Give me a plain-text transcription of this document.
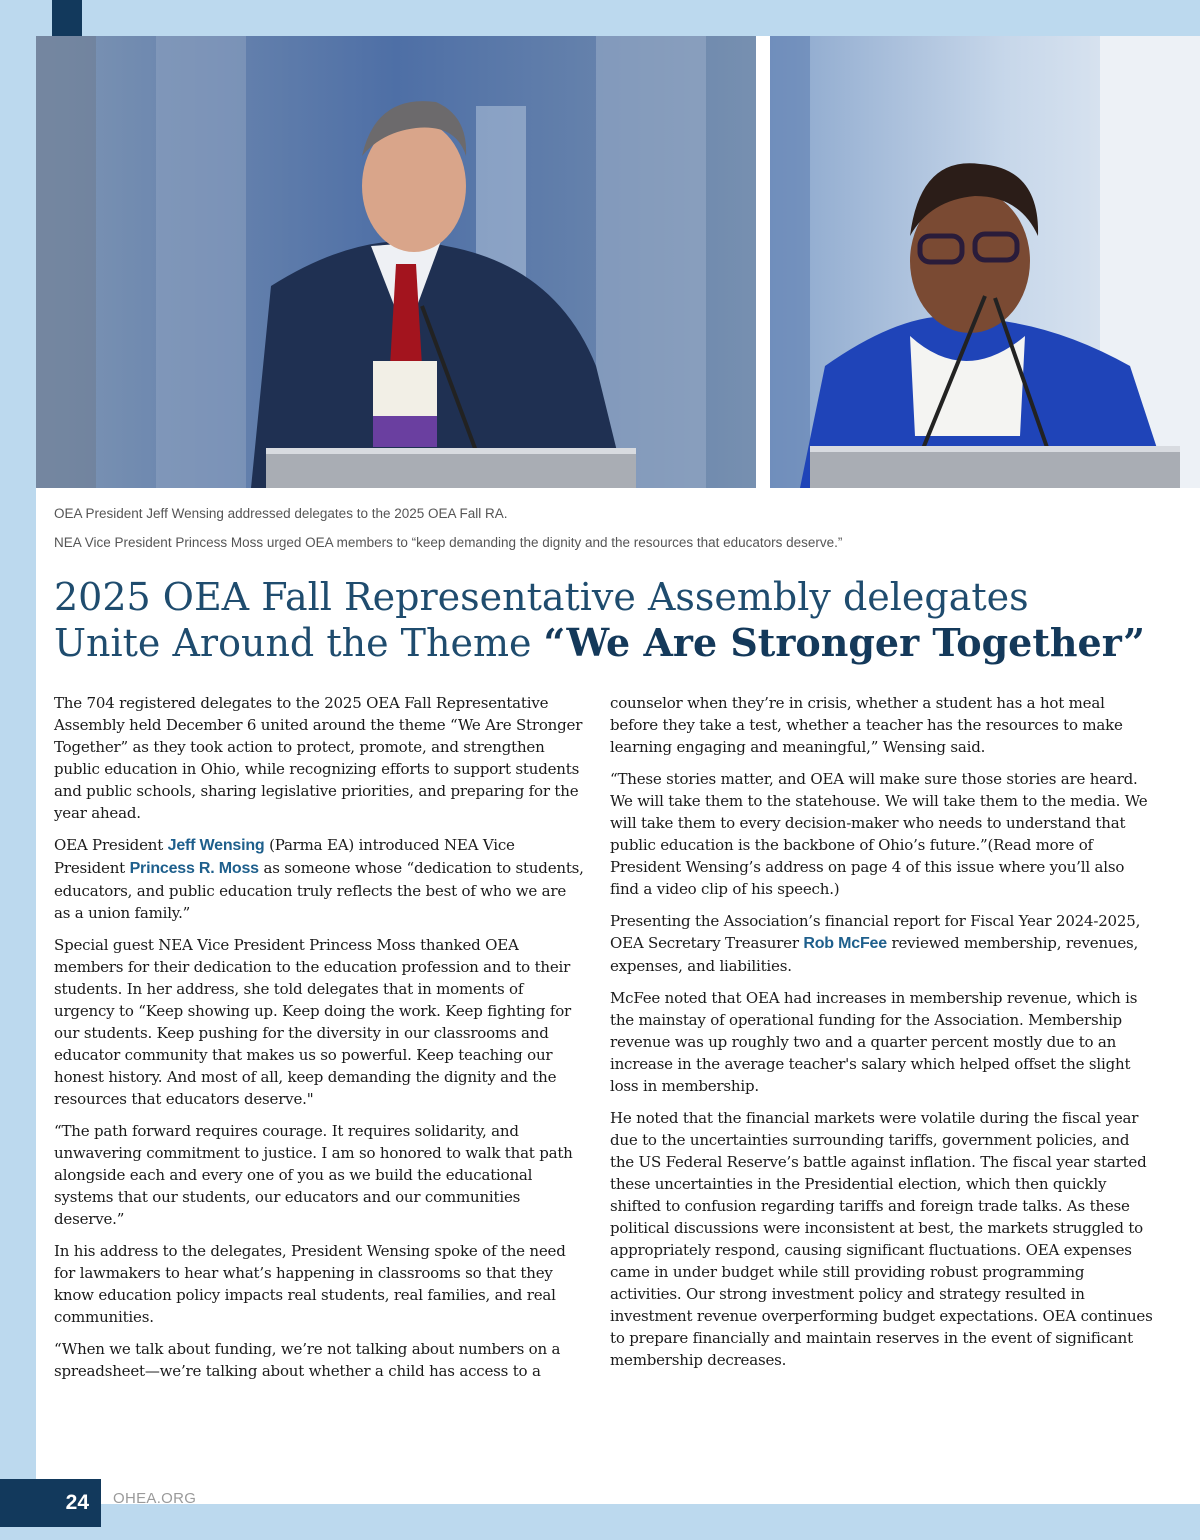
OEA President Jeff Wensing addressed delegates to the 2025 OEA Fall RA.
NEA Vice President Princess Moss urged OEA members to “keep demanding the dignity and the resources that educators deserve.”
2025 OEA Fall Representative Assembly delegates
Unite Around the Theme “We Are Stronger Together”

The 704 registered delegates to the 2025 OEA Fall Representative Assembly held December 6 united around the theme “We Are Stronger Together” as they took action to protect, promote, and strengthen public education in Ohio, while recognizing efforts to support students and public schools, sharing legislative priorities, and preparing for the year ahead.

OEA President Jeff Wensing (Parma EA) introduced NEA Vice President Princess R. Moss as someone whose “dedication to students, educators, and public education truly reflects the best of who we are as a union family.”

Special guest NEA Vice President Princess Moss thanked OEA members for their dedication to the education profession and to their students. In her address, she told delegates that in moments of urgency to “Keep showing up. Keep doing the work. Keep fighting for our students. Keep pushing for the diversity in our classrooms and educator community that makes us so powerful. Keep teaching our honest history. And most of all, keep demanding the dignity and the resources that educators deserve."

“The path forward requires courage. It requires solidarity, and unwavering commitment to justice. I am so honored to walk that path alongside each and every one of you as we build the educational systems that our students, our educators and our communities deserve.”

In his address to the delegates, President Wensing spoke of the need for lawmakers to hear what’s happening in classrooms so that they know education policy impacts real students, real families, and real communities.

“When we talk about funding, we’re not talking about numbers on a spreadsheet—we’re talking about whether a child has access to a

counselor when they’re in crisis, whether a student has a hot meal before they take a test, whether a teacher has the resources to make learning engaging and meaningful,” Wensing said.

“These stories matter, and OEA will make sure those stories are heard. We will take them to the statehouse. We will take them to the media. We will take them to every decision-maker who needs to understand that public education is the backbone of Ohio’s future.”(Read more of President Wensing’s address on page 4 of this issue where you’ll also find a video clip of his speech.)

Presenting the Association’s financial report for Fiscal Year 2024-2025, OEA Secretary Treasurer Rob McFee reviewed membership, revenues, expenses, and liabilities.

McFee noted that OEA had increases in membership revenue, which is the mainstay of operational funding for the Association. Membership revenue was up roughly two and a quarter percent mostly due to an increase in the average teacher's salary which helped offset the slight loss in membership.

He noted that the financial markets were volatile during the fiscal year due to the uncertainties surrounding tariffs, government policies, and the US Federal Reserve’s battle against inflation. The fiscal year started these uncertainties in the Presidential election, which then quickly shifted to confusion regarding tariffs and foreign trade talks. As these political discussions were inconsistent at best, the markets struggled to appropriately respond, causing significant fluctuations. OEA expenses came in under budget while still providing robust programming activities. Our strong investment policy and strategy resulted in investment revenue overperforming budget expectations. OEA continues to prepare financially and maintain reserves in the event of significant membership decreases.

24	OHEA.ORG
